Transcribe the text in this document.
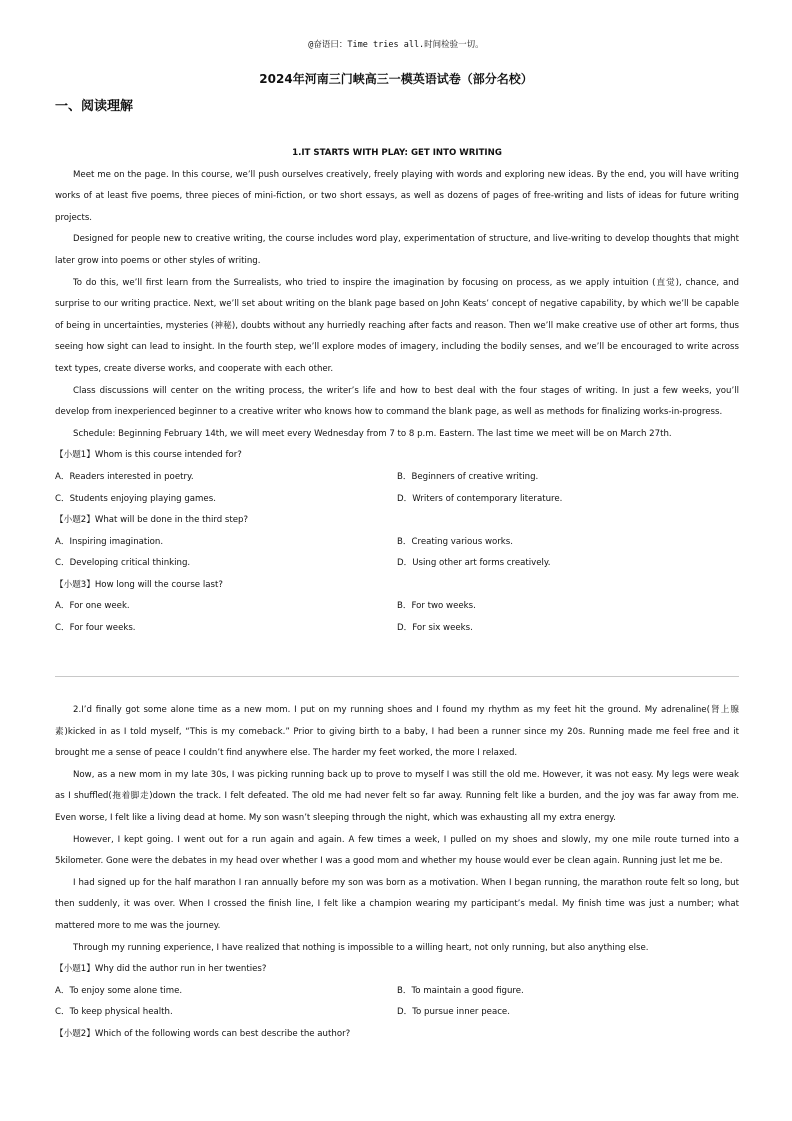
@奋语曰：Time tries all.时间检验一切。
2024年河南三门峡高三一模英语试卷（部分名校）
一、阅读理解
1.IT STARTS WITH PLAY: GET INTO WRITING

Meet me on the page. In this course, we’ll push ourselves creatively, freely playing with words and exploring new ideas. By the end, you will have writing works of at least five poems, three pieces of mini-fiction, or two short essays, as well as dozens of pages of free-writing and lists of ideas for future writing projects.

Designed for people new to creative writing, the course includes word play, experimentation of structure, and live-writing to develop thoughts that might later grow into poems or other styles of writing.

To do this, we’ll first learn from the Surrealists, who tried to inspire the imagination by focusing on process, as we apply intuition (直觉), chance, and surprise to our writing practice. Next, we’ll set about writing on the blank page based on John Keats’ concept of negative capability, by which we’ll be capable of being in uncertainties, mysteries (神秘), doubts without any hurriedly reaching after facts and reason. Then we’ll make creative use of other art forms, thus seeing how sight can lead to insight. In the fourth step, we’ll explore modes of imagery, including the bodily senses, and we’ll be encouraged to write across text types, create diverse works, and cooperate with each other.

Class discussions will center on the writing process, the writer’s life and how to best deal with the four stages of writing. In just a few weeks, you’ll develop from inexperienced beginner to a creative writer who knows how to command the blank page, as well as methods for finalizing works-in-progress.

Schedule: Beginning February 14th, we will meet every Wednesday from 7 to 8 p.m. Eastern. The last time we meet will be on March 27th.

【小题1】Whom is this course intended for?

A．Readers interested in poetry.	B．Beginners of creative writing.
C．Students enjoying playing games.	D．Writers of contemporary literature.

【小题2】What will be done in the third step?

A．Inspiring imagination.	B．Creating various works.
C．Developing critical thinking.	D．Using other art forms creatively.

【小题3】How long will the course last?

A．For one week.	B．For two weeks.
C．For four weeks.	D．For six weeks.

2.I’d finally got some alone time as a new mom. I put on my running shoes and I found my rhythm as my feet hit the ground. My adrenaline(肾上腺素)kicked in as I told myself, “This is my comeback.” Prior to giving birth to a baby, I had been a runner since my 20s. Running made me feel free and it brought me a sense of peace I couldn’t find anywhere else. The harder my feet worked, the more I relaxed.

Now, as a new mom in my late 30s, I was picking running back up to prove to myself I was still the old me. However, it was not easy. My legs were weak as I shuffled(拖着脚走)down the track. I felt defeated. The old me had never felt so far away. Running felt like a burden, and the joy was far away from me. Even worse, I felt like a living dead at home. My son wasn’t sleeping through the night, which was exhausting all my extra energy.

However, I kept going. I went out for a run again and again. A few times a week, I pulled on my shoes and slowly, my one mile route turned into a 5kilometer. Gone were the debates in my head over whether I was a good mom and whether my house would ever be clean again. Running just let me be.

I had signed up for the half marathon I ran annually before my son was born as a motivation. When I began running, the marathon route felt so long, but then suddenly, it was over. When I crossed the finish line, I felt like a champion wearing my participant’s medal. My finish time was just a number; what mattered more to me was the journey.

Through my running experience, I have realized that nothing is impossible to a willing heart, not only running, but also anything else.

【小题1】Why did the author run in her twenties?

A．To enjoy some alone time.	B．To maintain a good figure.
C．To keep physical health.	D．To pursue inner peace.

【小题2】Which of the following words can best describe the author?
